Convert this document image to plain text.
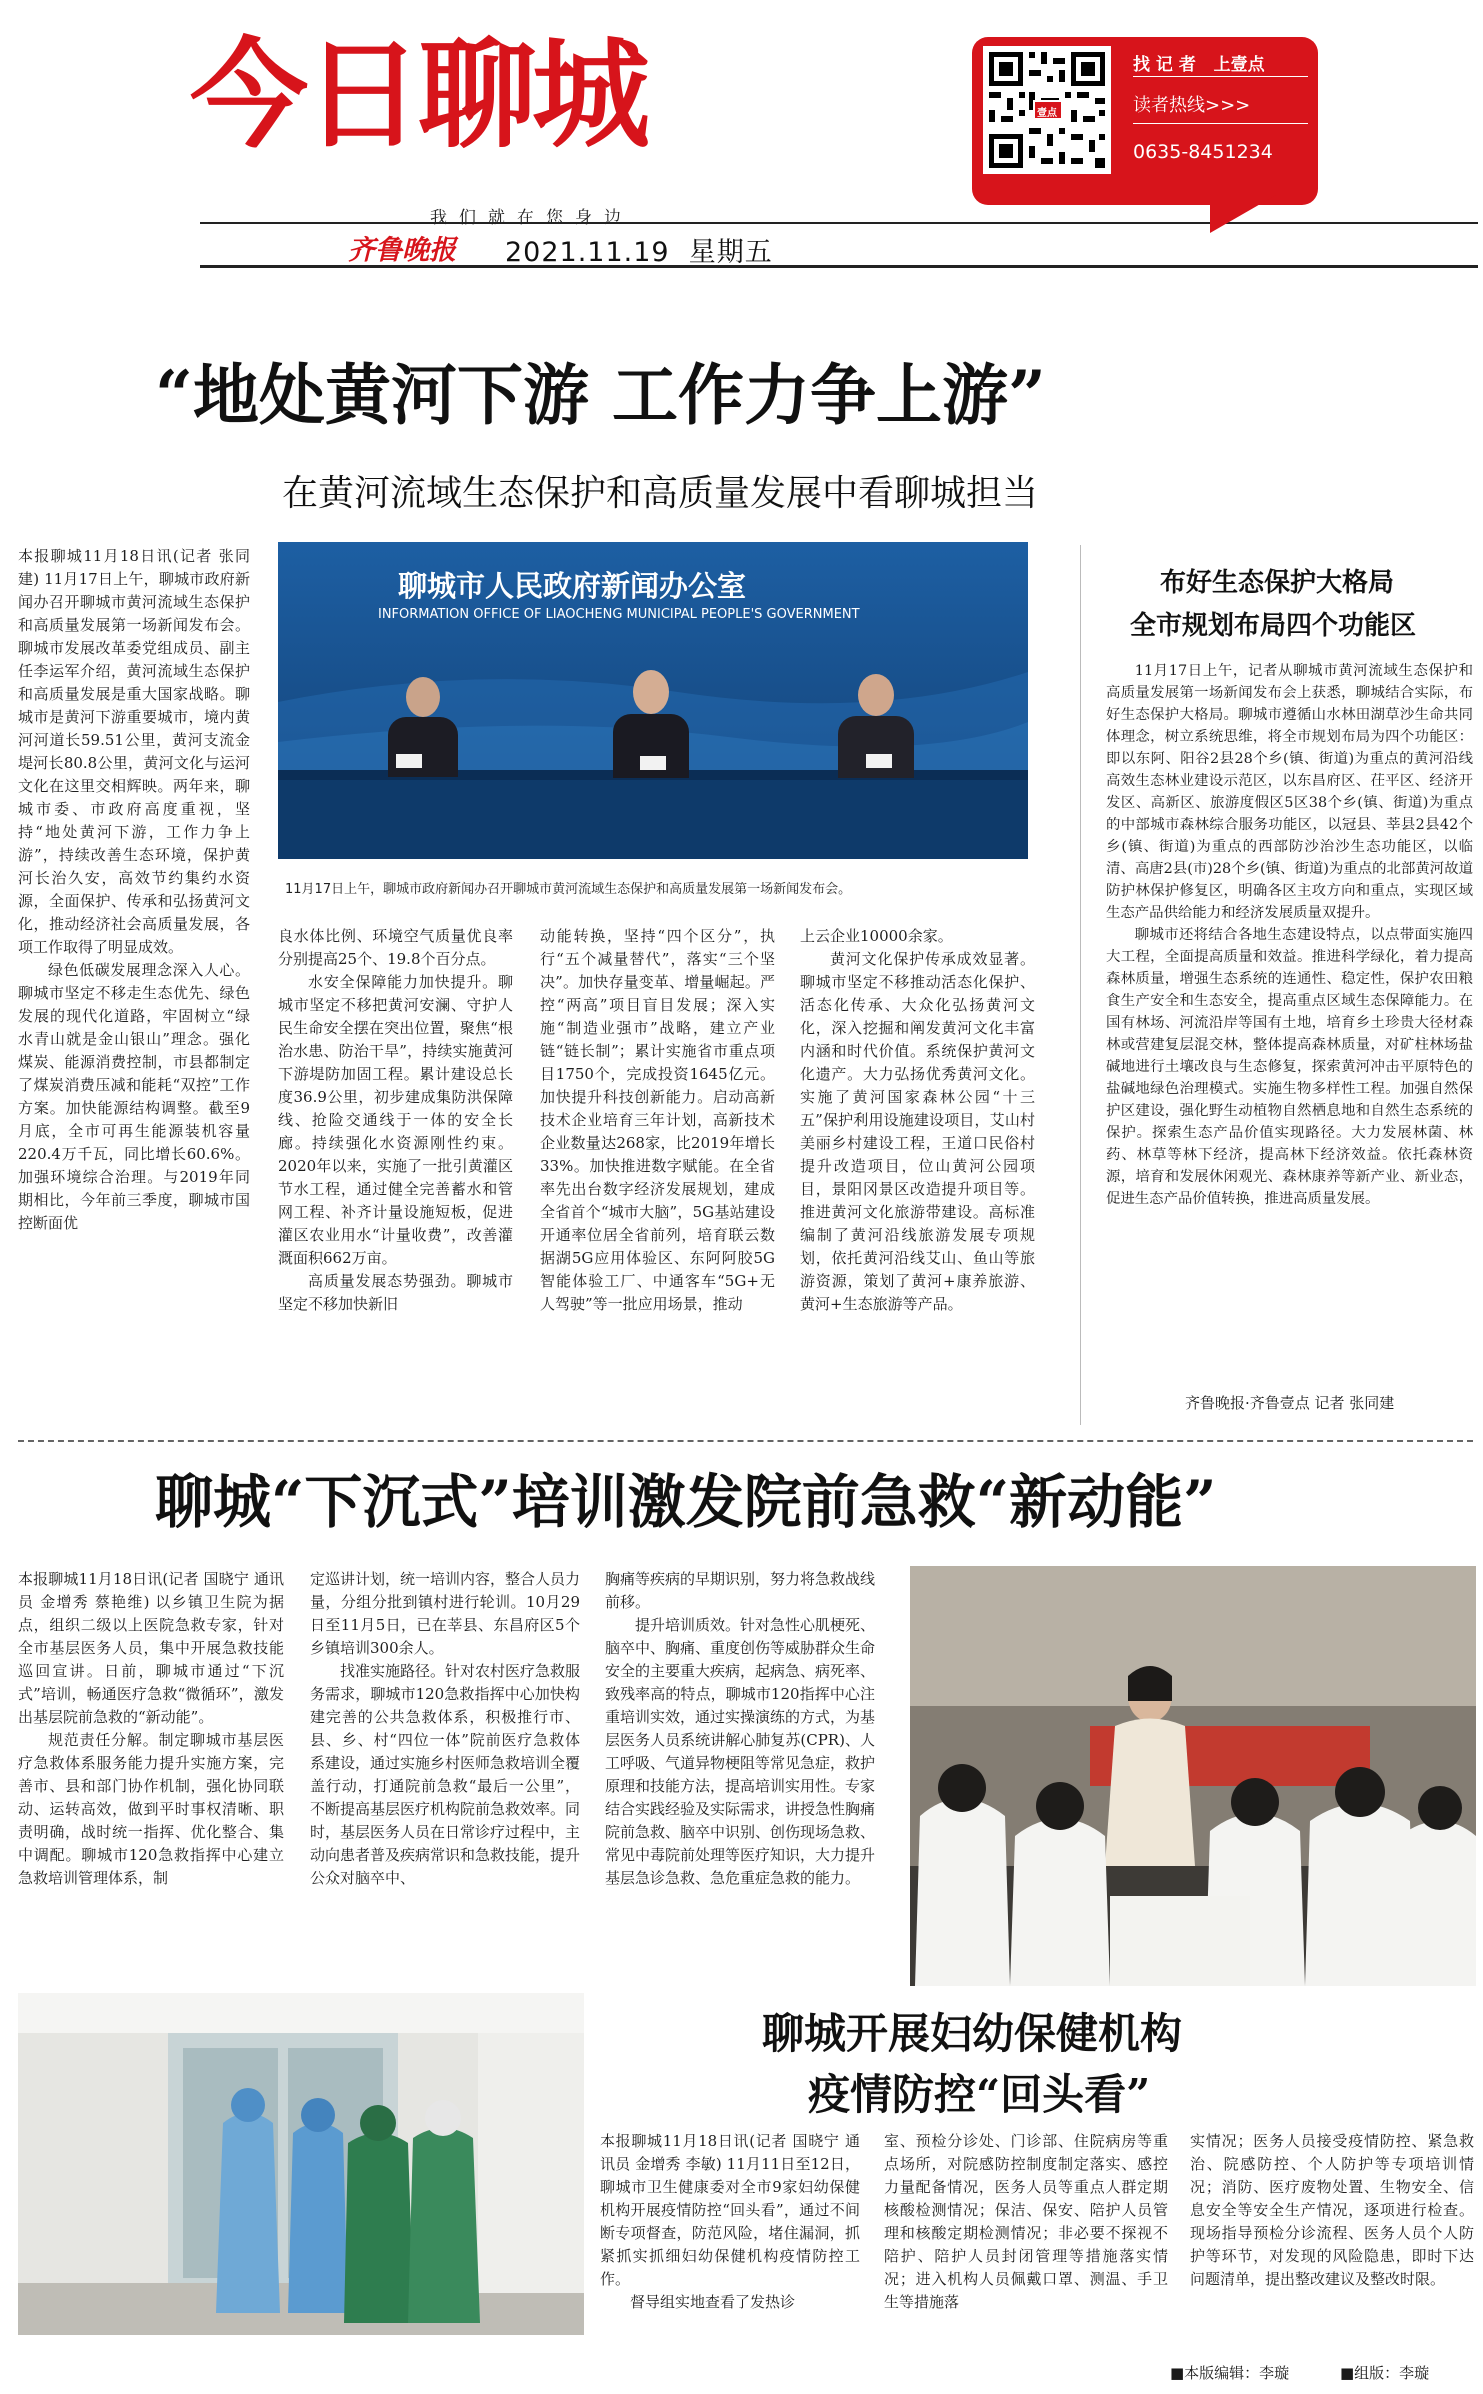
今日聊城
我们就在您身边
齐鲁晚报 2021.11.19 星期五
壹点
找 记 者   上壹点
读者热线>>>
0635-8451234
“地处黄河下游 工作力争上游”
在黄河流域生态保护和高质量发展中看聊城担当

本报聊城11月18日讯(记者 张同建) 11月17日上午，聊城市政府新闻办召开聊城市黄河流域生态保护和高质量发展第一场新闻发布会。聊城市发展改革委党组成员、副主任李运军介绍，黄河流域生态保护和高质量发展是重大国家战略。聊城市是黄河下游重要城市，境内黄河河道长59.51公里，黄河支流金堤河长80.8公里，黄河文化与运河文化在这里交相辉映。两年来，聊城市委、市政府高度重视，坚持“地处黄河下游，工作力争上游”，持续改善生态环境，保护黄河长治久安，高效节约集约水资源，全面保护、传承和弘扬黄河文化，推动经济社会高质量发展，各项工作取得了明显成效。

绿色低碳发展理念深入人心。聊城市坚定不移走生态优先、绿色发展的现代化道路，牢固树立“绿水青山就是金山银山”理念。强化煤炭、能源消费控制，市县都制定了煤炭消费压减和能耗“双控”工作方案。加快能源结构调整。截至9月底，全市可再生能源装机容量220.4万千瓦，同比增长60.6%。加强环境综合治理。与2019年同期相比，今年前三季度，聊城市国控断面优

聊城市人民政府新闻办公室
INFORMATION OFFICE OF LIAOCHENG MUNICIPAL PEOPLE'S GOVERNMENT
11月17日上午，聊城市政府新闻办召开聊城市黄河流域生态保护和高质量发展第一场新闻发布会。

良水体比例、环境空气质量优良率分别提高25个、19.8个百分点。

水安全保障能力加快提升。聊城市坚定不移把黄河安澜、守护人民生命安全摆在突出位置，聚焦“根治水患、防治干旱”，持续实施黄河下游堤防加固工程。累计建设总长度36.9公里，初步建成集防洪保障线、抢险交通线于一体的安全长廊。持续强化水资源刚性约束。2020年以来，实施了一批引黄灌区节水工程，通过健全完善蓄水和管网工程、补齐计量设施短板，促进灌区农业用水“计量收费”，改善灌溉面积662万亩。

高质量发展态势强劲。聊城市坚定不移加快新旧

动能转换，坚持“四个区分”，执行“五个减量替代”，落实“三个坚决”。加快存量变革、增量崛起。严控“两高”项目盲目发展；深入实施“制造业强市”战略，建立产业链“链长制”；累计实施省市重点项目1750个，完成投资1645亿元。加快提升科技创新能力。启动高新技术企业培育三年计划，高新技术企业数量达268家，比2019年增长33%。加快推进数字赋能。在全省率先出台数字经济发展规划，建成全省首个“城市大脑”，5G基站建设开通率位居全省前列，培育联云数据湖5G应用体验区、东阿阿胶5G智能体验工厂、中通客车“5G+无人驾驶”等一批应用场景，推动

上云企业10000余家。

黄河文化保护传承成效显著。聊城市坚定不移推动活态化保护、活态化传承、大众化弘扬黄河文化，深入挖掘和阐发黄河文化丰富内涵和时代价值。系统保护黄河文化遗产。大力弘扬优秀黄河文化。实施了黄河国家森林公园“十三五”保护利用设施建设项目，艾山村美丽乡村建设工程，王道口民俗村提升改造项目，位山黄河公园项目，景阳冈景区改造提升项目等。推进黄河文化旅游带建设。高标准编制了黄河沿线旅游发展专项规划，依托黄河沿线艾山、鱼山等旅游资源，策划了黄河+康养旅游、黄河+生态旅游等产品。

布好生态保护大格局
全市规划布局四个功能区

11月17日上午，记者从聊城市黄河流域生态保护和高质量发展第一场新闻发布会上获悉，聊城结合实际，布好生态保护大格局。聊城市遵循山水林田湖草沙生命共同体理念，树立系统思维，将全市规划布局为四个功能区：即以东阿、阳谷2县28个乡(镇、街道)为重点的黄河沿线高效生态林业建设示范区，以东昌府区、茌平区、经济开发区、高新区、旅游度假区5区38个乡(镇、街道)为重点的中部城市森林综合服务功能区，以冠县、莘县2县42个乡(镇、街道)为重点的西部防沙治沙生态功能区，以临清、高唐2县(市)28个乡(镇、街道)为重点的北部黄河故道防护林保护修复区，明确各区主攻方向和重点，实现区域生态产品供给能力和经济发展质量双提升。

聊城市还将结合各地生态建设特点，以点带面实施四大工程，全面提高质量和效益。推进科学绿化，着力提高森林质量，增强生态系统的连通性、稳定性，保护农田粮食生产安全和生态安全，提高重点区域生态保障能力。在国有林场、河流沿岸等国有土地，培育乡土珍贵大径材森林或营建复层混交林，整体提高森林质量，对矿柱林场盐碱地进行土壤改良与生态修复，探索黄河冲击平原特色的盐碱地绿色治理模式。实施生物多样性工程。加强自然保护区建设，强化野生动植物自然栖息地和自然生态系统的保护。探索生态产品价值实现路径。大力发展林菌、林药、林草等林下经济，提高林下经济效益。依托森林资源，培育和发展休闲观光、森林康养等新产业、新业态，促进生态产品价值转换，推进高质量发展。

齐鲁晚报·齐鲁壹点 记者 张同建
聊城“下沉式”培训激发院前急救“新动能”

本报聊城11月18日讯(记者 国晓宁 通讯员 金增秀 蔡艳维) 以乡镇卫生院为据点，组织二级以上医院急救专家，针对全市基层医务人员，集中开展急救技能巡回宣讲。日前，聊城市通过“下沉式”培训，畅通医疗急救“微循环”，激发出基层院前急救的“新动能”。

规范责任分解。制定聊城市基层医疗急救体系服务能力提升实施方案，完善市、县和部门协作机制，强化协同联动、运转高效，做到平时事权清晰、职责明确，战时统一指挥、优化整合、集中调配。聊城市120急救指挥中心建立急救培训管理体系，制

定巡讲计划，统一培训内容，整合人员力量，分组分批到镇村进行轮训。10月29日至11月5日，已在莘县、东昌府区5个乡镇培训300余人。

找准实施路径。针对农村医疗急救服务需求，聊城市120急救指挥中心加快构建完善的公共急救体系，积极推行市、县、乡、村“四位一体”院前医疗急救体系建设，通过实施乡村医师急救培训全覆盖行动，打通院前急救“最后一公里”，不断提高基层医疗机构院前急救效率。同时，基层医务人员在日常诊疗过程中，主动向患者普及疾病常识和急救技能，提升公众对脑卒中、

胸痛等疾病的早期识别，努力将急救战线前移。

提升培训质效。针对急性心肌梗死、脑卒中、胸痛、重度创伤等威胁群众生命安全的主要重大疾病，起病急、病死率、致残率高的特点，聊城市120指挥中心注重培训实效，通过实操演练的方式，为基层医务人员系统讲解心肺复苏(CPR)、人工呼吸、气道异物梗阻等常见急症，救护原理和技能方法，提高培训实用性。专家结合实践经验及实际需求，讲授急性胸痛院前急救、脑卒中识别、创伤现场急救、常见中毒院前处理等医疗知识，大力提升基层急诊急救、急危重症急救的能力。

聊城开展妇幼保健机构
疫情防控“回头看”

本报聊城11月18日讯(记者 国晓宁 通讯员 金增秀 李敏) 11月11日至12日，聊城市卫生健康委对全市9家妇幼保健机构开展疫情防控“回头看”，通过不间断专项督查，防范风险，堵住漏洞，抓紧抓实抓细妇幼保健机构疫情防控工作。

督导组实地查看了发热诊

室、预检分诊处、门诊部、住院病房等重点场所，对院感防控制度制定落实、感控力量配备情况，医务人员等重点人群定期核酸检测情况；保洁、保安、陪护人员管理和核酸定期检测情况；非必要不探视不陪护、陪护人员封闭管理等措施落实情况；进入机构人员佩戴口罩、测温、手卫生等措施落

实情况；医务人员接受疫情防控、紧急救治、院感防控、个人防护等专项培训情况；消防、医疗废物处置、生物安全、信息安全等安全生产情况，逐项进行检查。现场指导预检分诊流程、医务人员个人防护等环节，对发现的风险隐患，即时下达问题清单，提出整改建议及整改时限。

■本版编辑：李璇	■组版：李璇
